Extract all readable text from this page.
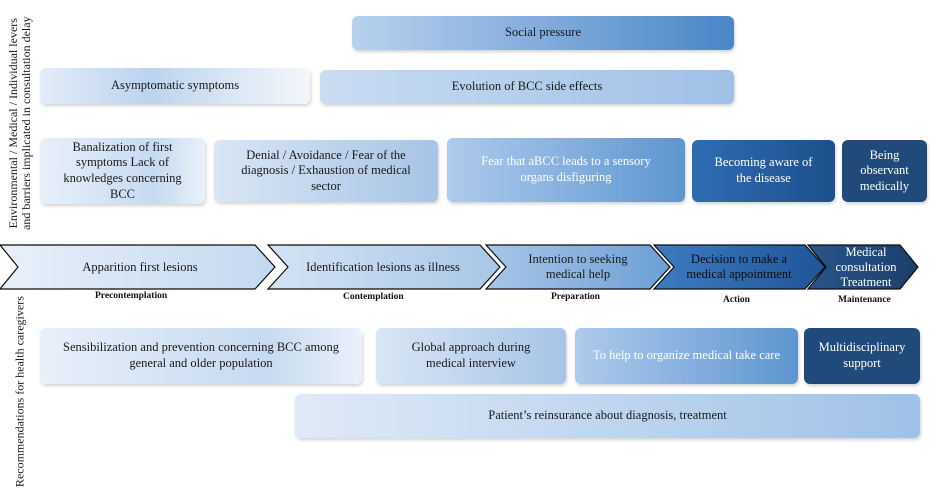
Environmental / Medical / Individual levers and barriers implicated in consultation delay
Recommendations for health caregivers
Social pressure
Asymptomatic symptoms	Evolution of BCC side effects
Banalization of first symptoms Lack of knowledges concerning BCC
Denial / Avoidance / Fear of the diagnosis / Exhaustion of medical sector
Fear that aBCC leads to a sensory organs disfiguring
Becoming aware of the disease
Being observant medically
Apparition first lesions	Identification lesions as illness
Intention to seeking medical help
Decision to make a medical appointment
Medical consultation Treatment
Precontemplation	Contemplation	Preparation	Action	Maintenance
Sensibilization and prevention concerning BCC among general and older population
Global approach during medical interview
To help to organize medical take care
Multidisciplinary support
Patient’s reinsurance about diagnosis, treatment
